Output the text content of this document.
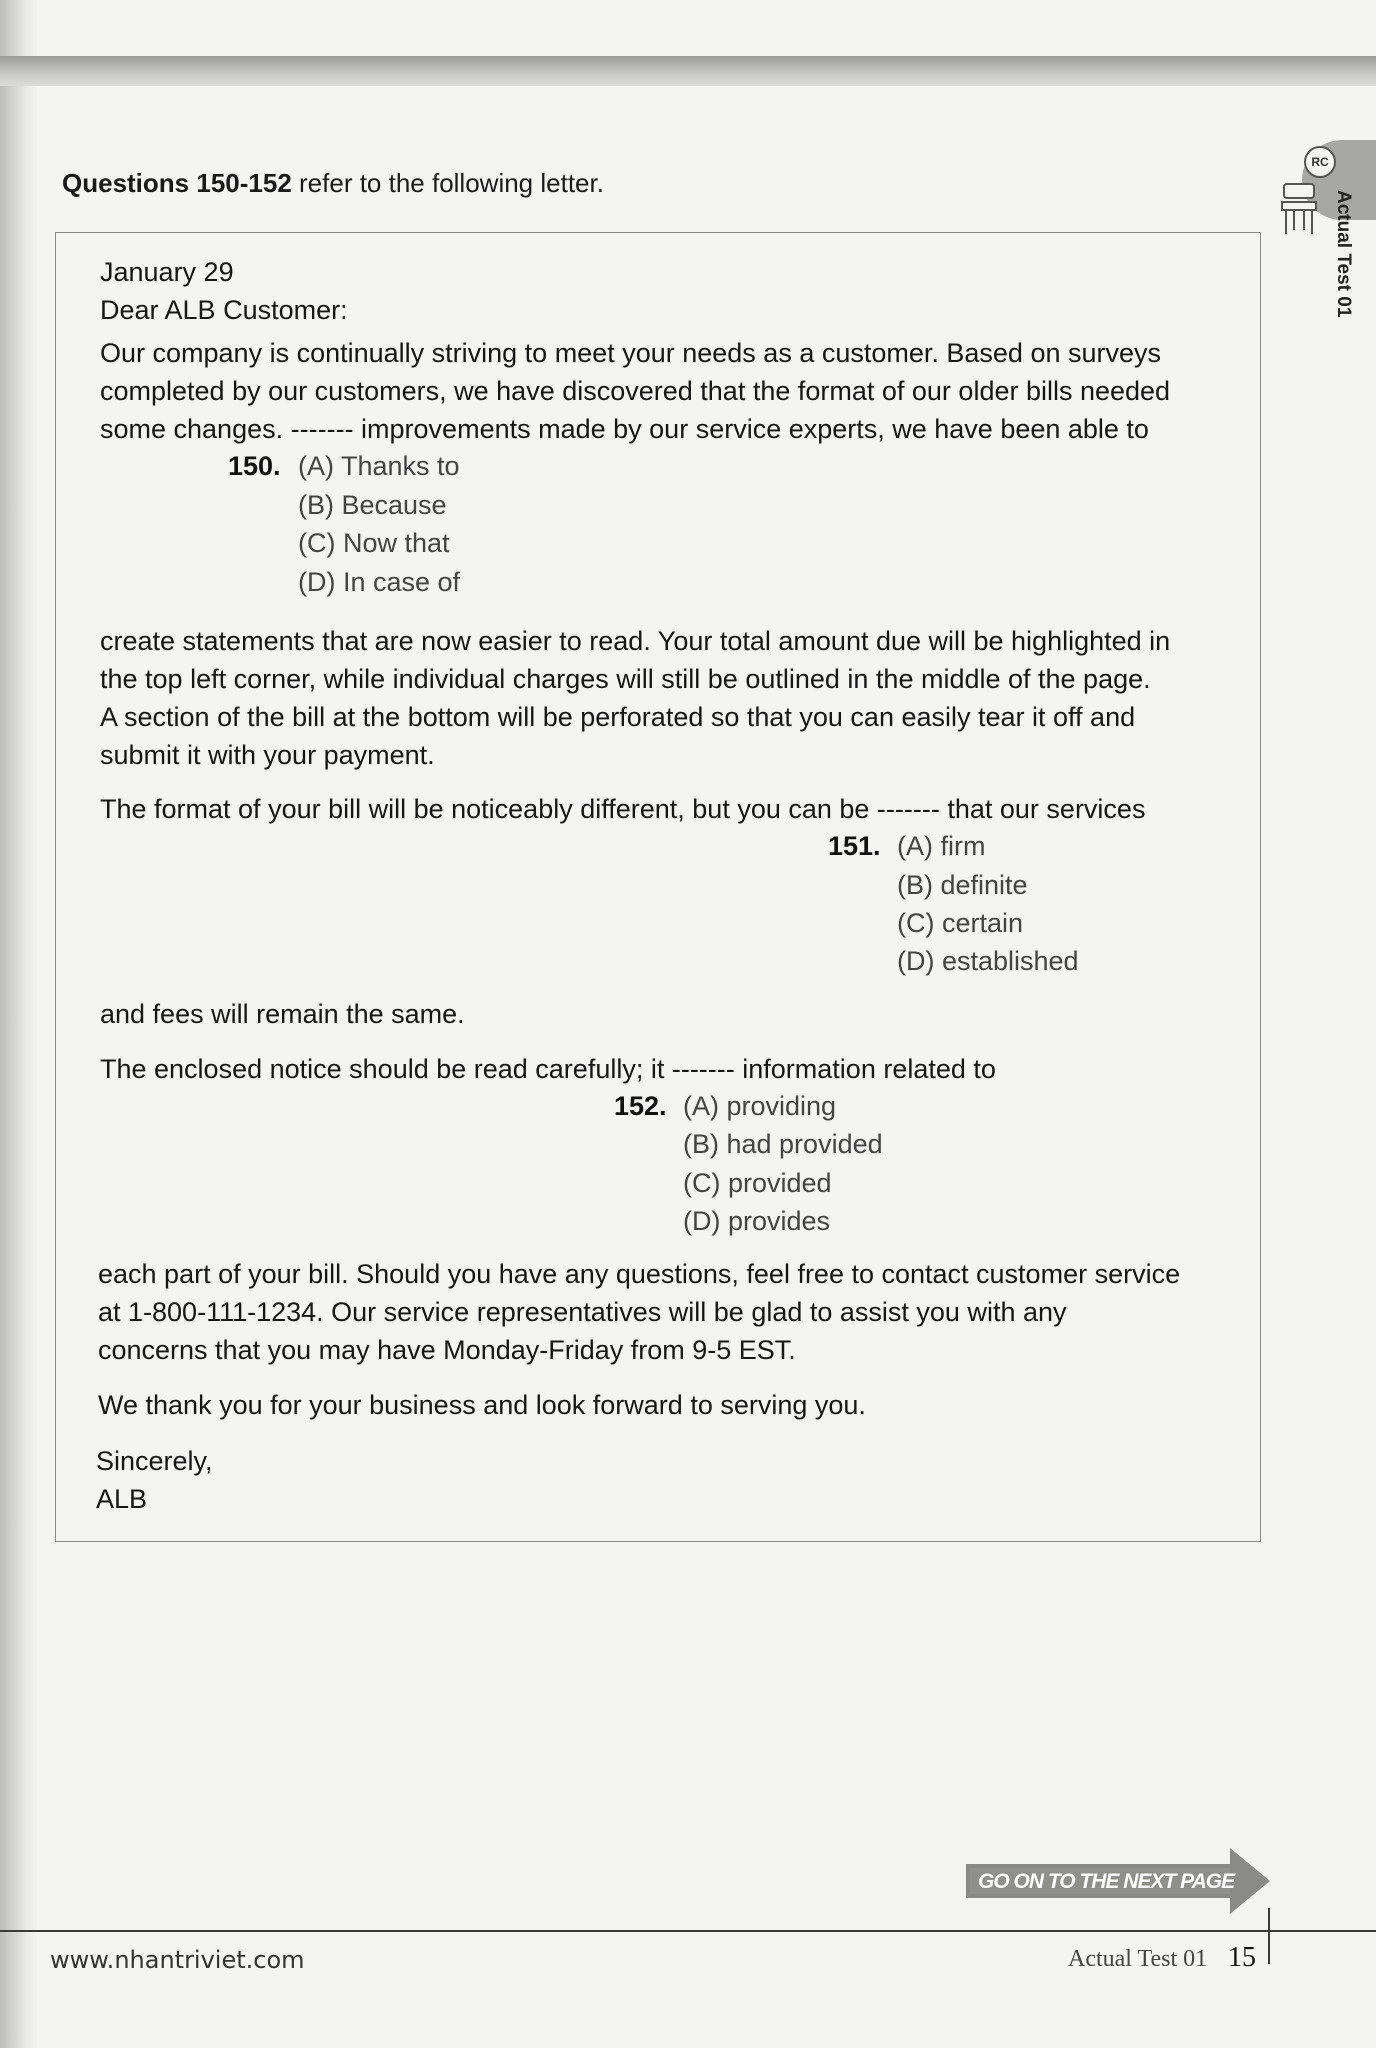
RC
Actual Test 01
Questions 150-152 refer to the following letter.
January 29
Dear ALB Customer:
Our company is continually striving to meet your needs as a customer. Based on surveys
completed by our customers, we have discovered that the format of our older bills needed
some changes. ------- improvements made by our service experts, we have been able to
150. (A) Thanks to
(B) Because
(C) Now that
(D) In case of
create statements that are now easier to read. Your total amount due will be highlighted in
the top left corner, while individual charges will still be outlined in the middle of the page.
A section of the bill at the bottom will be perforated so that you can easily tear it off and
submit it with your payment.
The format of your bill will be noticeably different, but you can be ------- that our services
151. (A) firm
(B) definite
(C) certain
(D) established
and fees will remain the same.
The enclosed notice should be read carefully; it ------- information related to
152. (A) providing
(B) had provided
(C) provided
(D) provides
each part of your bill. Should you have any questions, feel free to contact customer service
at 1-800-111-1234. Our service representatives will be glad to assist you with any
concerns that you may have Monday-Friday from 9-5 EST.
We thank you for your business and look forward to serving you.
Sincerely,
ALB
GO ON TO THE NEXT PAGE
www.nhantriviet.com	Actual Test 01 15
